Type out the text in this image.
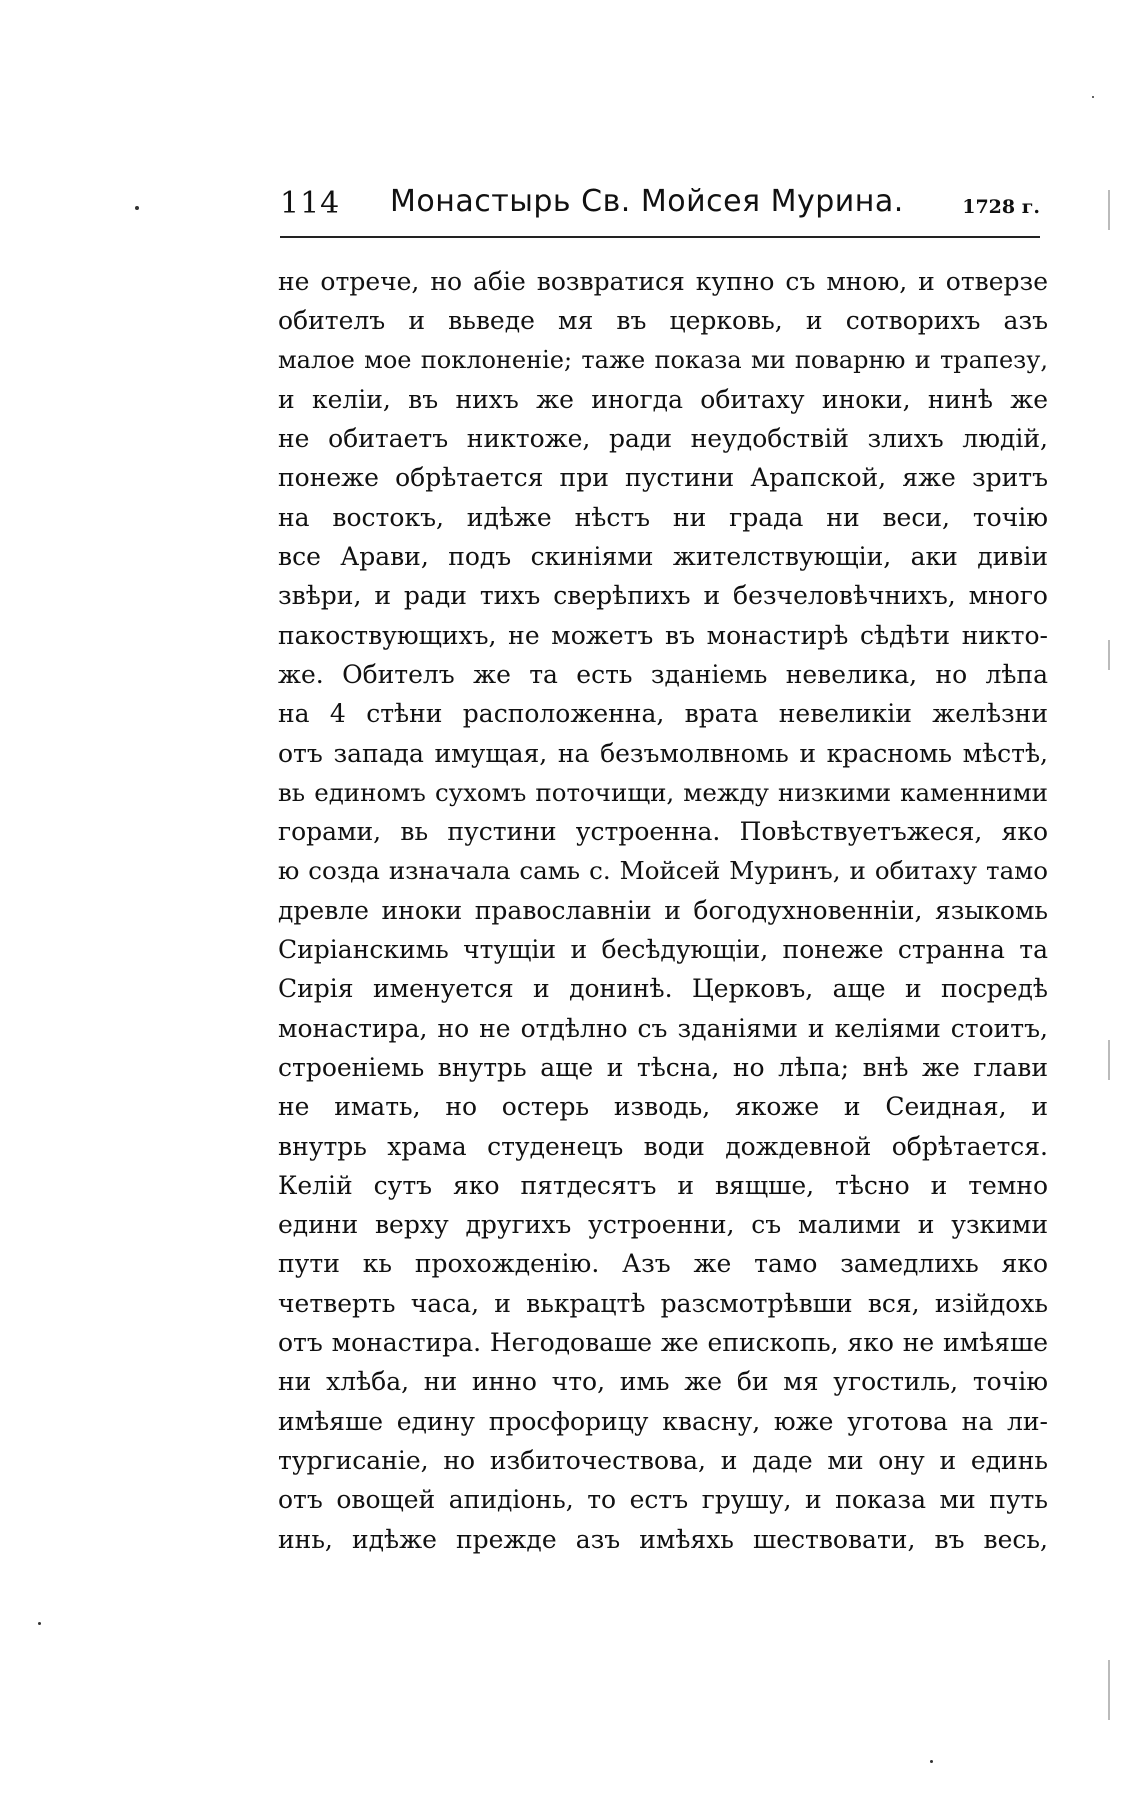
114 Монастырь Св. Мойсея Мурина.	1728 г.
не отрече, но абіе возвратися купно съ мною, и отверзе
обителъ и вьведе мя въ церковь, и сотворихъ азъ
малое мое поклоненіе; таже показа ми поварню и трапезу,
и келіи, въ нихъ же иногда обитаху иноки, нинѣ же
не обитаетъ никтоже, ради неудобствій злихъ людій,
понеже обрѣтается при пустини Арапской, яже зритъ
на востокъ, идѣже нѣстъ ни града ни веси, точію
все Арави, подъ скиніями жителствующіи, аки дивіи
звѣри, и ради тихъ сверѣпихъ и безчеловѣчнихъ, много
пакоствующихъ, не можетъ въ монастирѣ сѣдѣти никто-
же. Обителъ же та есть зданіемь невелика, но лѣпа
на 4 стѣни расположенна, врата невеликіи желѣзни
отъ запада имущая, на безъмолвномь и красномь мѣстѣ,
вь единомъ сухомъ поточищи, между низкими каменними
горами, вь пустини устроенна. Повѣствуетъжеся, яко
ю созда изначала самь с. Мойсей Муринъ, и обитаху тамо
древле иноки православніи и богодухновенніи, языкомь
Сиріанскимь чтущіи и бесѣдующіи, понеже странна та
Сирія именуется и донинѣ. Церковъ, аще и посредѣ
монастира, но не отдѣлно съ зданіями и келіями стоитъ,
строеніемь внутрь аще и тѣсна, но лѣпа; внѣ же глави
не имать, но остерь изводь, якоже и Сеидная, и
внутрь храма студенецъ води дождевной обрѣтается.
Келій сутъ яко пятдесятъ и вящше, тѣсно и темно
едини верху другихъ устроенни, съ малими и узкими
пути кь прохожденію. Азъ же тамо замедлихь яко
четверть часа, и вькрацтѣ разсмотрѣвши вся, изійдохь
отъ монастира. Негодоваше же епископь, яко не имѣяше
ни хлѣба, ни инно что, имь же би мя угостиль, точію
имѣяше едину просфорицу квасну, юже уготова на ли-
тургисаніе, но избиточествова, и даде ми ону и единь
отъ овощей апидіонь, то естъ грушу, и показа ми путь
инь, идѣже прежде азъ имѣяхь шествовати, въ весь,
